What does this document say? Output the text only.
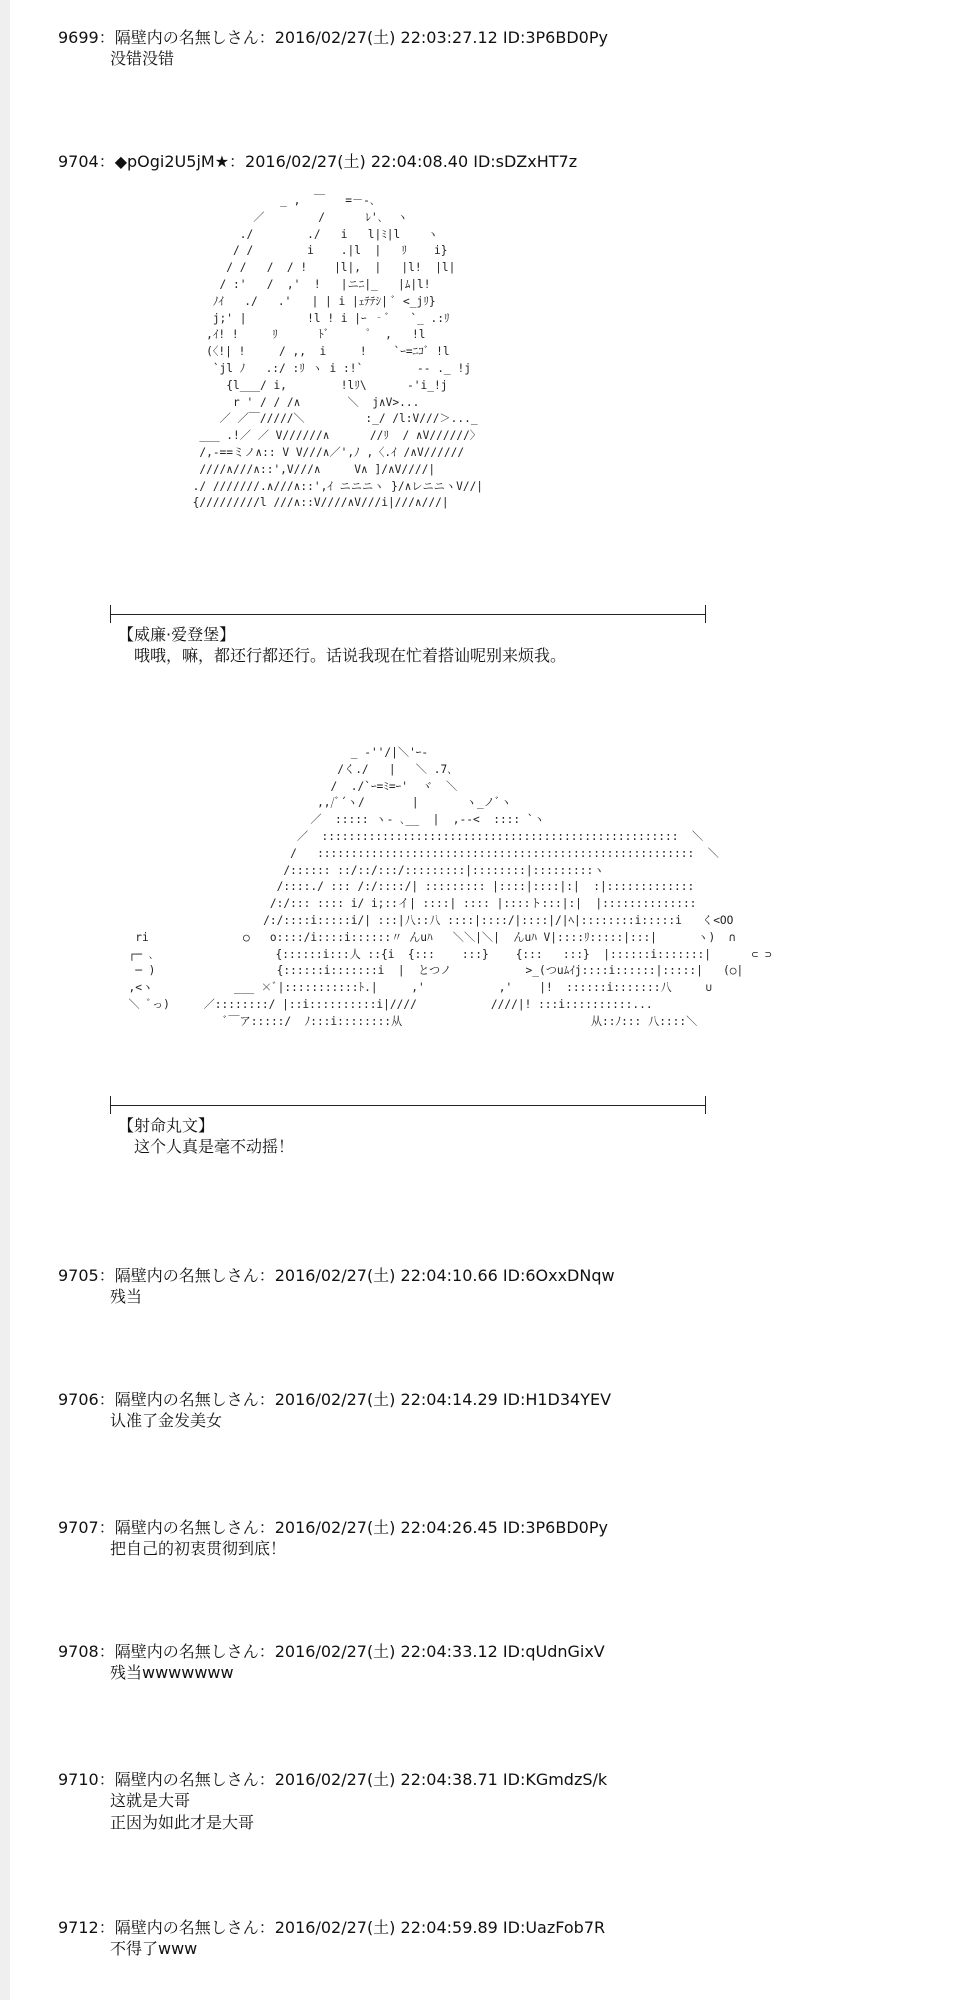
9699：隔壁内の名無しさん：2016/02/27(土) 22:03:27.12 ID:3P6BD0Py
没错没错
9704：◆pOgi2U5jM★：2016/02/27(土) 22:04:08.40 ID:sDZxHT7z
_ ,  ￣   =－-､
／        /      ﾚ'､  ヽ
./        ./   i   l|ﾐ|l    ヽ
/ /        i    .|l  |   ﾘ    i}
/ /   /  / !    |l|,  |   |l!  |l|
/ :'   /  ,'  !   |ニﾆ|_   |ﾑ|l!
ﾉｲ   ./   .'   | | i |ｪﾃﾃｼ| ﾞ <_jﾘ}
j;' |         !l ! i |ｰ ‐ﾞ   `_ .:ﾘ
,ｲ! !     ﾘ      ﾄﾞ      ﾟ  ,   !l
(〈!| !     / ,,  i     !    `ｰ=ﾆｺﾞ !l
`jl ﾉ   .:/ :ﾘ ヽ i :!`        -- ._ !j
{l___/ i,        !lﾘ\      -'i_!j
r ' / / /∧       ＼  j∧V>...
／ ／￣/////＼         :_/ /l:V///＞..._
___ .!／ ／ V//////∧      //ﾘ  / ∧V//////〉
/,-==ミノ∧:: V V///∧／',ﾉ ,〈.ｲ /∧V//////
////∧///∧::',V///∧     V∧ ]/∧V////|
./ ///////.∧///∧::',ｲ ニニニヽ }/∧レニニヽV//|
{/////////l ///∧::V////∧V///i|///∧///|
【威廉·爱登堡】
哦哦，嘛，都还行都还行。话说我现在忙着搭讪呢别来烦我。
_ -''/|＼'ｰ-
/く./   |   ＼ .7､
/  ./`ｰ=ﾐ=ｰ'  ヾ  ＼
,,/ﾞ´ヽ/       |       ヽ_ノﾞヽ
／  ::::: ヽ- ､__  |  ,--<  :::: `ヽ
／  :::::::::::::::::::::::::::::::::::::::::::::::::::::  ＼
/   ::::::::::::::::::::::::::::::::::::::::::::::::::::::::  ＼
/:::::: ::/::/:::/:::::::::|::::::::|:::::::::ヽ
/::::./ ::: /:/::::/| ::::::::: |::::|::::|:|  :|:::::::::::::
/:/::: :::: i/ i;::イ| ::::| :::: |::::ト:::|:|  |::::::::::::::
/:/::::i:::::i/| :::|八::八 ::::|::::/|::::|/|ﾍ|::::::::i:::::i   く<OO
ri              ○   o::::/i::::i::::::〃 んuﾊ   ＼＼|＼|  んuﾊ V|::::ﾘ:::::|:::|      ヽ)  ∩
┌─ ､                  {::::::i:::人 ::{i  {:::    :::}    {:::   :::}  |::::::i:::::::|      ⊂ ⊃
─ )                  {::::::i:::::::i  |  とつノ           >_(つuﾑｲj::::i::::::|:::::|   (○|
,<ヽ            ___ ×ﾞ|:::::::::::ﾄ.|     ,'           ,'    |!  ::::::i:::::::八     ∪
＼ ﾞっ)     ／::::::::/ |::i::::::::::i|////           ////|! :::i::::::::::...
ﾞ￣ア:::::/  ﾉ:::i::::::::从                            从::ﾉ::: 八::::＼
【射命丸文】
这个人真是毫不动摇！
9705：隔壁内の名無しさん：2016/02/27(土) 22:04:10.66 ID:6OxxDNqw
残当
9706：隔壁内の名無しさん：2016/02/27(土) 22:04:14.29 ID:H1D34YEV
认准了金发美女
9707：隔壁内の名無しさん：2016/02/27(土) 22:04:26.45 ID:3P6BD0Py
把自己的初衷贯彻到底！
9708：隔壁内の名無しさん：2016/02/27(土) 22:04:33.12 ID:qUdnGixV
残当wwwwwww
9710：隔壁内の名無しさん：2016/02/27(土) 22:04:38.71 ID:KGmdzS/k
这就是大哥
正因为如此才是大哥
9712：隔壁内の名無しさん：2016/02/27(土) 22:04:59.89 ID:UazFob7R
不得了www
